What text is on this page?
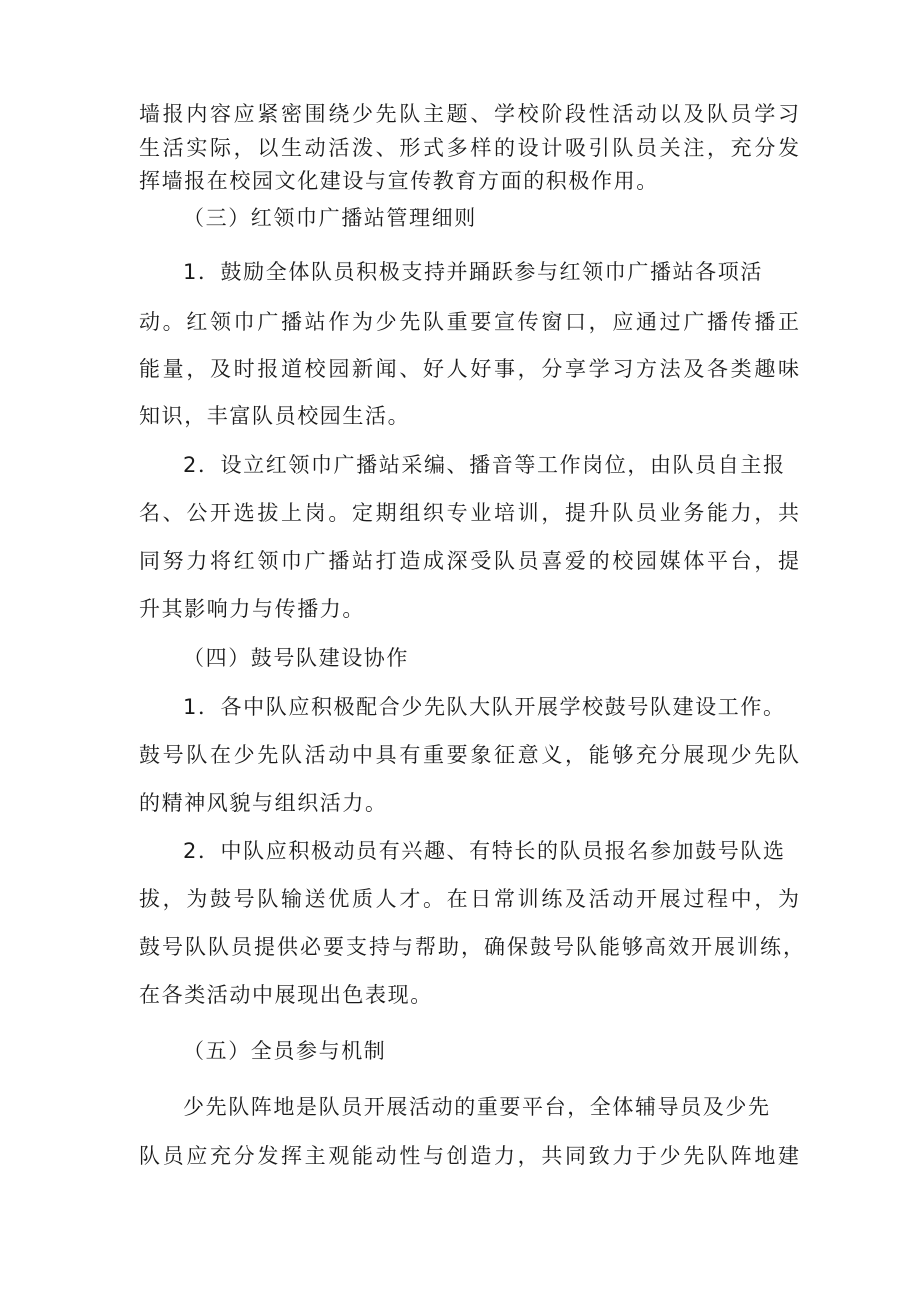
墙报内容应紧密围绕少先队主题、学校阶段性活动以及队员学习
生活实际，以生动活泼、形式多样的设计吸引队员关注，充分发
挥墙报在校园文化建设与宣传教育方面的积极作用。
（三）红领巾广播站管理细则
1．鼓励全体队员积极支持并踊跃参与红领巾广播站各项活
动。红领巾广播站作为少先队重要宣传窗口，应通过广播传播正
能量，及时报道校园新闻、好人好事，分享学习方法及各类趣味
知识，丰富队员校园生活。
2．设立红领巾广播站采编、播音等工作岗位，由队员自主报
名、公开选拔上岗。定期组织专业培训，提升队员业务能力，共
同努力将红领巾广播站打造成深受队员喜爱的校园媒体平台，提
升其影响力与传播力。
（四）鼓号队建设协作
1．各中队应积极配合少先队大队开展学校鼓号队建设工作。
鼓号队在少先队活动中具有重要象征意义，能够充分展现少先队
的精神风貌与组织活力。
2．中队应积极动员有兴趣、有特长的队员报名参加鼓号队选
拔，为鼓号队输送优质人才。在日常训练及活动开展过程中，为
鼓号队队员提供必要支持与帮助，确保鼓号队能够高效开展训练，
在各类活动中展现出色表现。
（五）全员参与机制
少先队阵地是队员开展活动的重要平台，全体辅导员及少先
队员应充分发挥主观能动性与创造力，共同致力于少先队阵地建
